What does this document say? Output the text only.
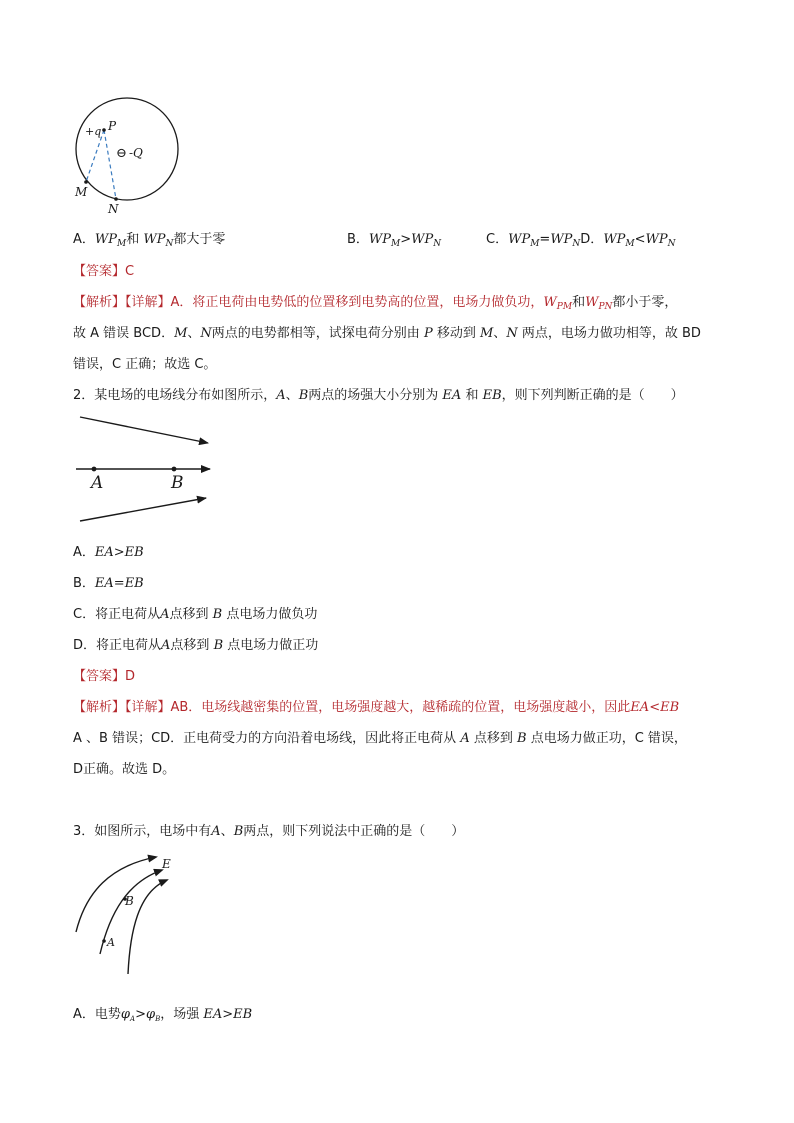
+q P
⊖ -Q
M
N
A．$WP_M$和 $WP_N$都大于零	B．$WP_M>WP_N$	C．$WP_M=WP_ND$．$WP_M<WP_N$
【答案】C
【解析】【详解】A．将正电荷由电势低的位置移到电势高的位置，电场力做负功，$W_{PM}$和$W_{PN}$都小于零，
故 A 错误 BCD．M、N两点的电势都相等，试探电荷分别由 P 移动到 M、N 两点，电场力做功相等，故 BD
错误，C 正确；故选 C。
2．某电场的电场线分布如图所示，A、B两点的场强大小分别为 EA 和 EB，则下列判断正确的是（　　）
A	B
A．EA>EB
B．EA=EB
C．将正电荷从A点移到 B 点电场力做负功
D．将正电荷从A点移到 B 点电场力做正功
【答案】D
【解析】【详解】AB．电场线越密集的位置，电场强度越大，越稀疏的位置，电场强度越小，因此EA<EB
A 、B 错误；CD．正电荷受力的方向沿着电场线，因此将正电荷从 A 点移到 B 点电场力做正功，C 错误，
D正确。故选 D。
3．如图所示，电场中有A、B两点，则下列说法中正确的是（　　）
E
B
A
A．电势$\varphi_A>\varphi_B$，场强 EA>EB
